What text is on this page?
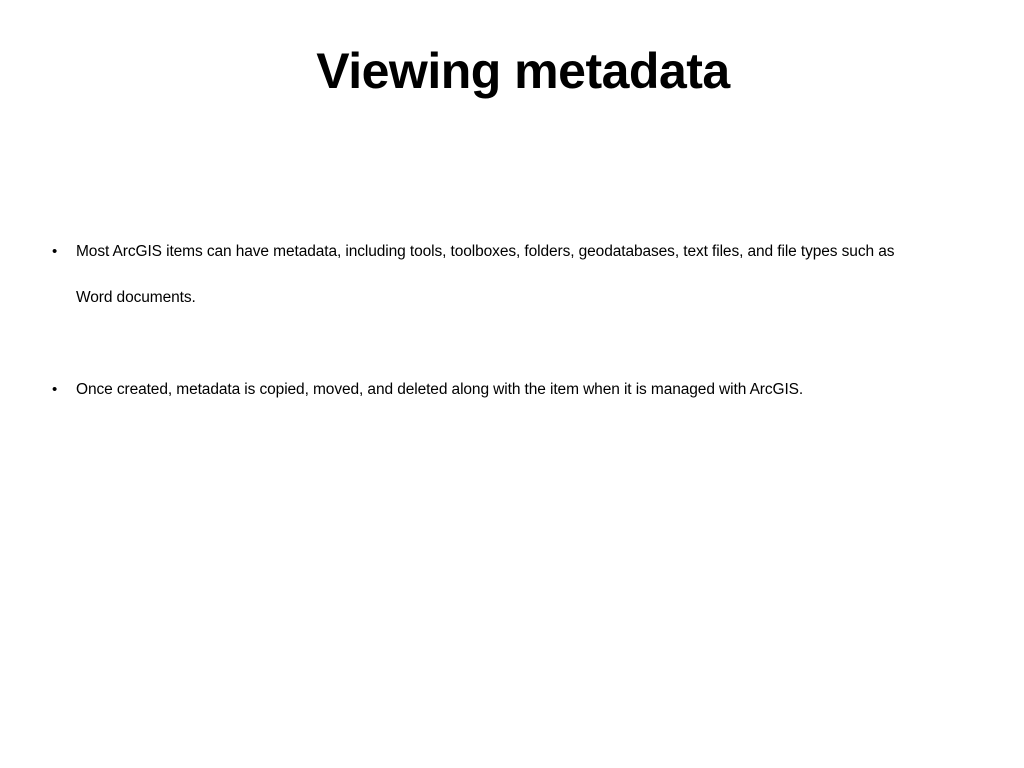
Viewing metadata
• Most ArcGIS items can have metadata, including tools, toolboxes, folders, geodatabases, text files, and file types such as Word documents.
• Once created, metadata is copied, moved, and deleted along with the item when it is managed with ArcGIS.
